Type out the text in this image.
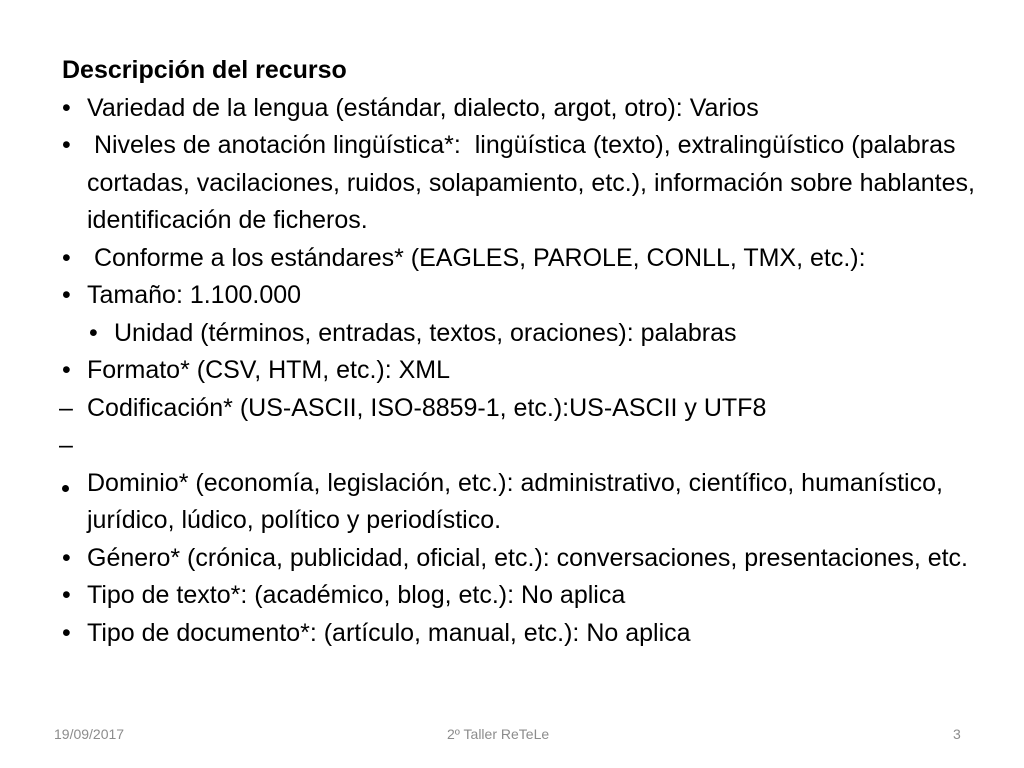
Descripción del recurso
• Variedad de la lengua (estándar, dialecto, argot, otro): Varios
• Niveles de anotación lingüística*:  lingüística (texto), extralingüístico (palabras cortadas, vacilaciones, ruidos, solapamiento, etc.), información sobre hablantes, identificación de ficheros.
• Conforme a los estándares* (EAGLES, PAROLE, CONLL, TMX, etc.):
• Tamaño: 1.100.000
• Unidad (términos, entradas, textos, oraciones): palabras
• Formato* (CSV, HTM, etc.): XML
– Codificación* (US-ASCII, ISO-8859-1, etc.):US-ASCII y UTF8
–

Dominio* (economía, legislación, etc.): administrativo, científico, humanístico, jurídico, lúdico, político y periodístico.
• Género* (crónica, publicidad, oficial, etc.): conversaciones, presentaciones, etc.
• Tipo de texto*: (académico, blog, etc.): No aplica
• Tipo de documento*: (artículo, manual, etc.): No aplica
19/09/2017	2º Taller ReTeLe	3
